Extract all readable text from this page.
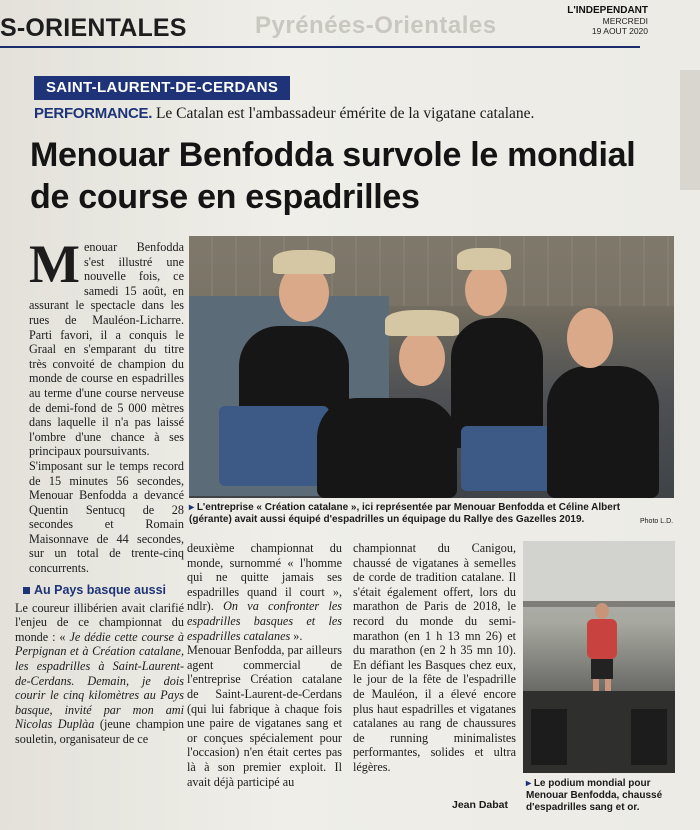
S-ORIENTALES	Pyrénées-Orientales
L'INDEPENDANT
MERCREDI
19 AOUT 2020
SAINT-LAURENT-DE-CERDANS
PERFORMANCE. Le Catalan est l'ambassadeur émérite de la vigatane catalane.
Menouar Benfodda survole le mondial de course en espadrilles

Menouar Benfodda s'est illustré une nouvelle fois, ce samedi 15 août, en assurant le spectacle dans les rues de Mauléon-Licharre. Parti favori, il a conquis le Graal en s'emparant du titre très convoité de champion du monde de course en espadrilles au terme d'une course nerveuse de demi-fond de 5 000 mètres dans laquelle il n'a pas laissé l'ombre d'une chance à ses principaux poursuivants.

S'imposant sur le temps record de 15 minutes 56 secondes, Menouar Benfodda a devancé Quentin Sentucq de 28 secondes et Romain Maisonnave de 44 secondes, sur un total de trente-cinq concurrents.

Au Pays basque aussi

Le coureur illibérien avait clarifié l'enjeu de ce championnat du monde : « Je dédie cette course à Perpignan et à Création catalane, les espadrilles à Saint-Laurent-de-Cerdans. Demain, je dois courir le cinq kilomètres au Pays basque, invité par mon ami Nicolas Duplàa (jeune champion souletin, organisateur de ce

▸ L'entreprise « Création catalane », ici représentée par Menouar Benfodda et Céline Albert (gérante) avait aussi équipé d'espadrilles un équipage du Rallye des Gazelles 2019.	Photo L.D.

deuxième championnat du monde, surnommé « l'homme qui ne quitte jamais ses espadrilles quand il court », ndlr). On va confronter les espadrilles basques et les espadrilles catalanes ».

Menouar Benfodda, par ailleurs agent commercial de l'entreprise Création catalane de Saint-Laurent-de-Cerdans (qui lui fabrique à chaque fois une paire de vigatanes sang et or conçues spécialement pour l'occasion) n'en était certes pas là à son premier exploit. Il avait déjà participé au

championnat du Canigou, chaussé de vigatanes à semelles de corde de tradition catalane. Il s'était également offert, lors du marathon de Paris de 2018, le record du monde du semi-marathon (en 1 h 13 mn 26) et du marathon (en 2 h 35 mn 10). En défiant les Basques chez eux, le jour de la fête de l'espadrille de Mauléon, il a élevé encore plus haut espadrilles et vigatanes catalanes au rang de chaussures de running minimalistes performantes, solides et ultra légères.

Jean Dabat
▸ Le podium mondial pour Menouar Benfodda, chaussé d'espadrilles sang et or.
